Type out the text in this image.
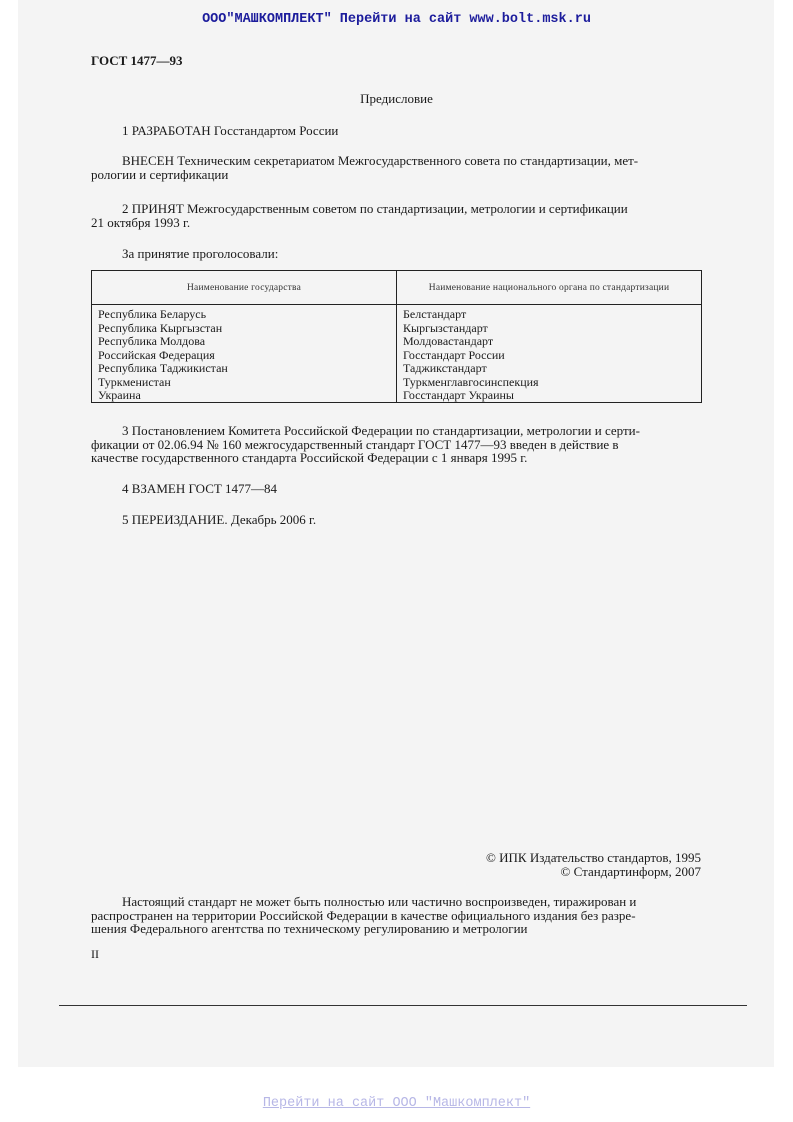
ООО"МАШКОМПЛЕКТ" Перейти на сайт www.bolt.msk.ru
ГОСТ 1477—93
Предисловие
1 РАЗРАБОТАН Госстандартом России
ВНЕСЕН Техническим секретариатом Межгосударственного совета по стандартизации, мет-
рологии и сертификации
2 ПРИНЯТ Межгосударственным советом по стандартизации, метрологии и сертификации
21 октября 1993 г.
За принятие проголосовали:
Наименование государства	Наименование национального органа по стандартизации
Республика Беларусь
Республика Кыргызстан
Республика Молдова
Российская Федерация
Республика Таджикистан
Туркменистан
Украина
Белстандарт
Кыргызстандарт
Молдовастандарт
Госстандарт России
Таджикстандарт
Туркменглавгосинспекция
Госстандарт Украины
3 Постановлением Комитета Российской Федерации по стандартизации, метрологии и серти-
фикации от 02.06.94 № 160 межгосударственный стандарт ГОСТ 1477—93 введен в действие в
качестве государственного стандарта Российской Федерации с 1 января 1995 г.
4 ВЗАМЕН ГОСТ 1477—84
5 ПЕРЕИЗДАНИЕ. Декабрь 2006 г.
© ИПК Издательство стандартов, 1995
© Стандартинформ, 2007
Настоящий стандарт не может быть полностью или частично воспроизведен, тиражирован и
распространен на территории Российской Федерации в качестве официального издания без разре-
шения Федерального агентства по техническому регулированию и метрологии
II
Перейти на сайт ООО "Машкомплект"
